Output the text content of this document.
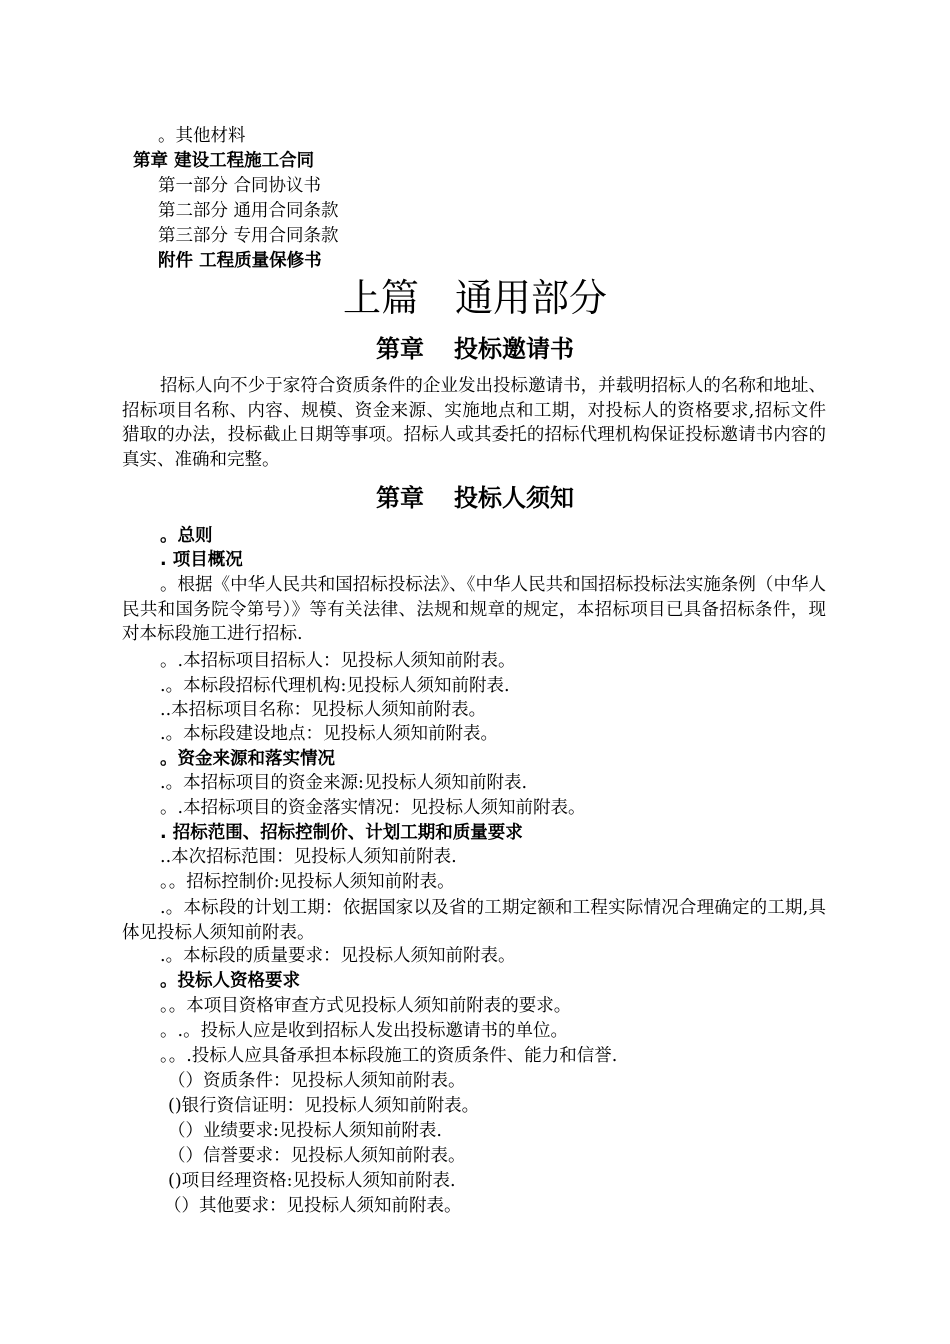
。其他材料
第章 建设工程施工合同
第一部分 合同协议书
第二部分 通用合同条款
第三部分 专用合同条款
附件 工程质量保修书
上篇 通用部分
第章 投标邀请书
招标人向不少于家符合资质条件的企业发出投标邀请书，并载明招标人的名称和地址、招标项目名称、内容、规模、资金来源、实施地点和工期，对投标人的资格要求,招标文件猎取的办法，投标截止日期等事项。招标人或其委托的招标代理机构保证投标邀请书内容的真实、准确和完整。
第章 投标人须知
。总则
. 项目概况
。根据《中华人民共和国招标投标法》、《中华人民共和国招标投标法实施条例（中华人民共和国务院令第号）》等有关法律、法规和规章的规定，本招标项目已具备招标条件，现对本标段施工进行招标.
。.本招标项目招标人：见投标人须知前附表。
.。本标段招标代理机构:见投标人须知前附表.
..本招标项目名称：见投标人须知前附表。
.。本标段建设地点：见投标人须知前附表。
。资金来源和落实情况
.。本招标项目的资金来源:见投标人须知前附表.
。.本招标项目的资金落实情况：见投标人须知前附表。
. 招标范围、招标控制价、计划工期和质量要求
..本次招标范围：见投标人须知前附表.
。。招标控制价:见投标人须知前附表。
.。本标段的计划工期：依据国家以及省的工期定额和工程实际情况合理确定的工期,具体见投标人须知前附表。
.。本标段的质量要求：见投标人须知前附表。
。投标人资格要求
。。本项目资格审查方式见投标人须知前附表的要求。
。.。投标人应是收到招标人发出投标邀请书的单位。
。。.投标人应具备承担本标段施工的资质条件、能力和信誉.
（）资质条件：见投标人须知前附表。
()银行资信证明：见投标人须知前附表。
（）业绩要求:见投标人须知前附表.
（）信誉要求：见投标人须知前附表。
()项目经理资格:见投标人须知前附表.
（）其他要求：见投标人须知前附表。
